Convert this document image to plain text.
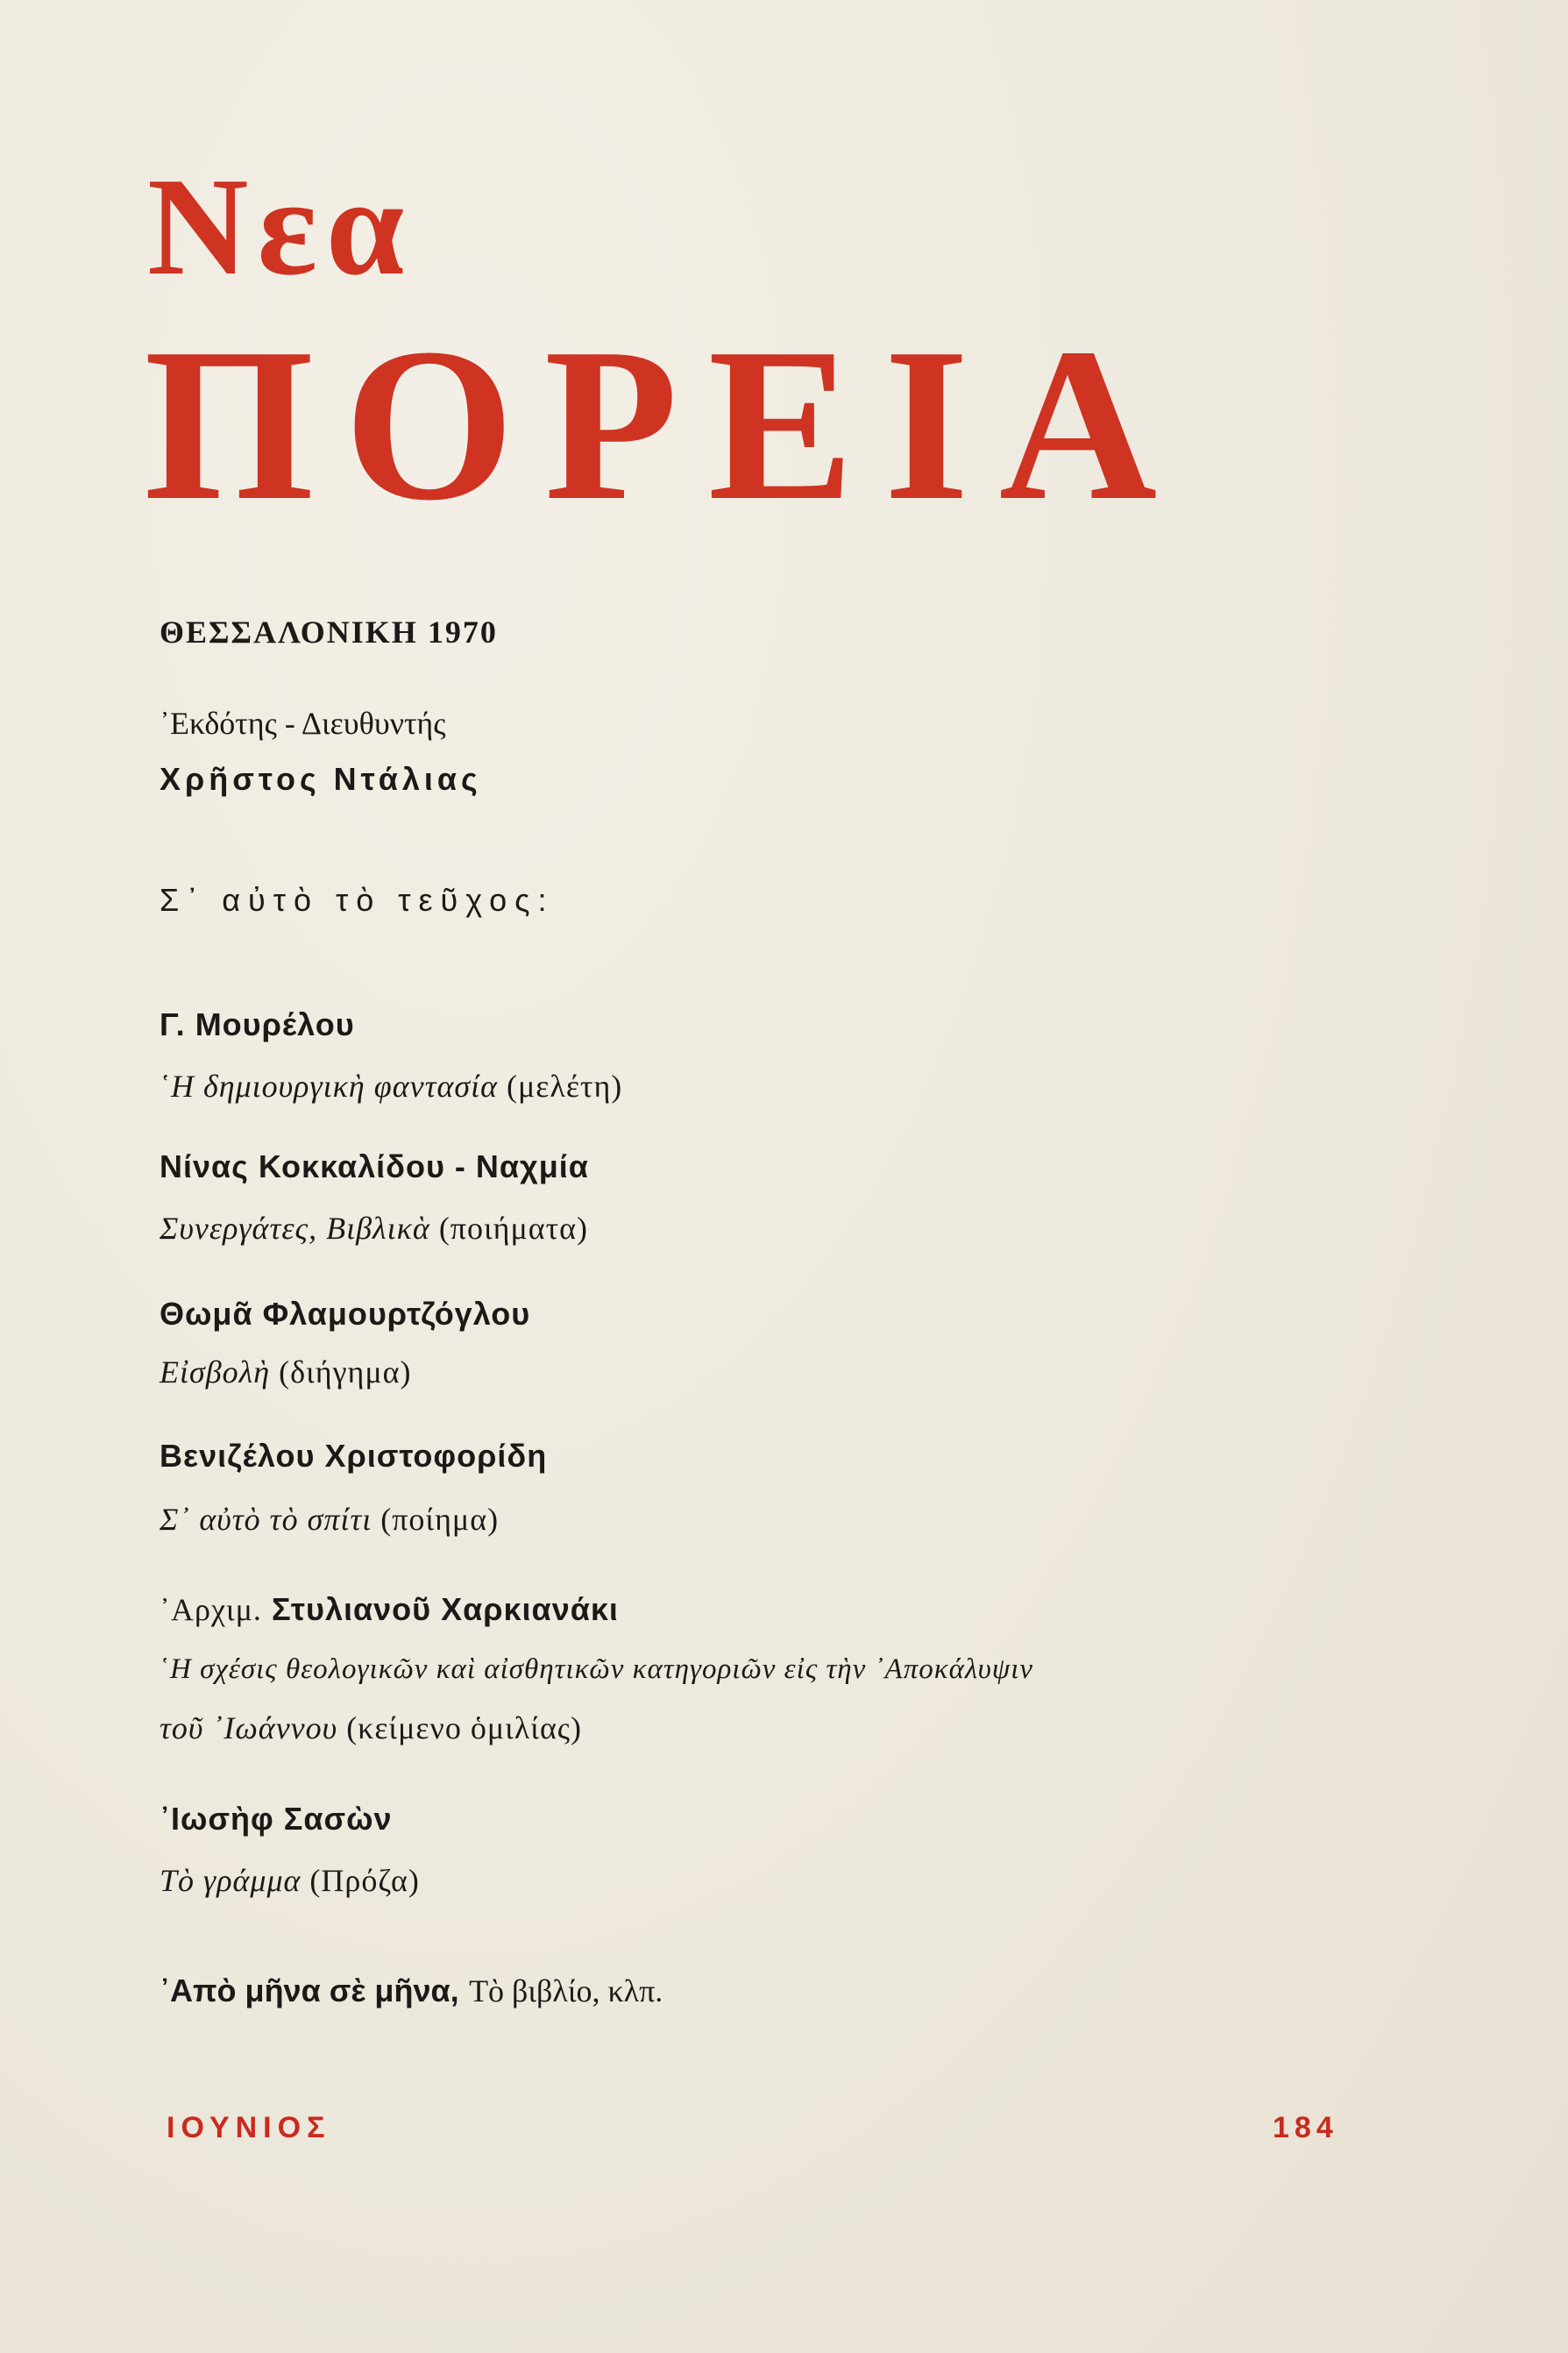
Νεα
ΠΟΡΕΙΑ
ΘΕΣΣΑΛΟΝΙΚΗ 1970
᾿Εκδότης - Διευθυντής
Χρῆστος Ντάλιας
Σ᾿ αὐτὸ τὸ τεῦχος:
Γ. Μουρέλου
῾Η δημιουργικὴ φαντασία (μελέτη)
Νίνας Κοκκαλίδου - Ναχμία
Συνεργάτες, Βιβλικὰ (ποιήματα)
Θωμᾶ Φλαμουρτζόγλου
Εἰσβολὴ (διήγημα)
Βενιζέλου Χριστοφορίδη
Σ᾿ αὐτὸ τὸ σπίτι (ποίημα)
᾿Αρχιμ. Στυλιανοῦ Χαρκιανάκι
῾Η σχέσις θεολογικῶν καὶ αἰσθητικῶν κατηγοριῶν εἰς τὴν ᾿Αποκάλυψιν
τοῦ ᾿Ιωάννου (κείμενο ὁμιλίας)
᾿Ιωσὴφ Σασὼν
Τὸ γράμμα (Πρόζα)
᾿Απὸ μῆνα σὲ μῆνα, Τὸ βιβλίο, κλπ.
ΙΟΥΝΙΟΣ	184
